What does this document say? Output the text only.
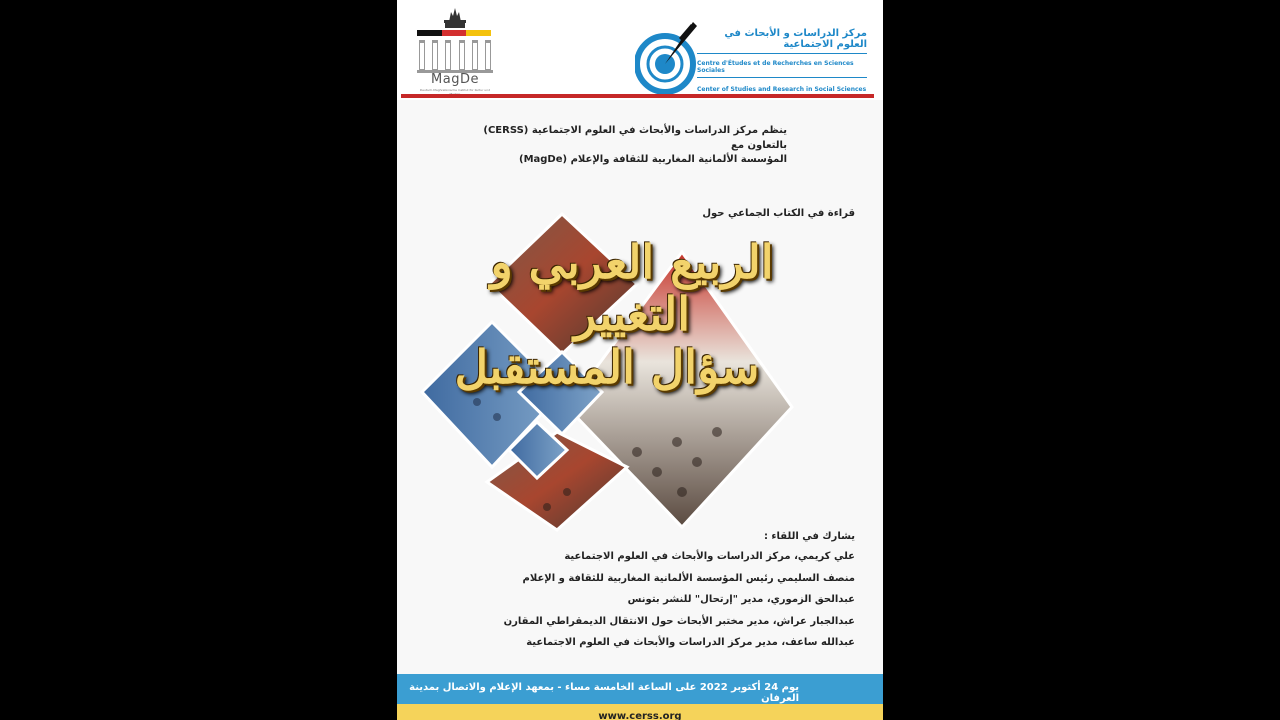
MagDe
Deutsch-Maghrebinische Institut für Kultur und
مركز الدراسات و الأبحاث في العلوم الاجتماعية
Centre d'Études et de Recherches en Sciences Sociales
Center of Studies and Research in Social Sciences
ينظم مركز الدراسات والأبحاث في العلوم الاجتماعية (CERSS)
بالتعاون مع
المؤسسة الألمانية المغاربية للثقافة والإعلام (MagDe)
قراءة في الكتاب الجماعي حول
الربيع العربي و التغيير
سؤال المستقبل
يشارك في اللقاء :
علي كريمي، مركز الدراسات والأبحاث في العلوم الاجتماعية
منصف السليمي رئيس المؤسسة الألمانية المغاربية للثقافة و الإعلام
عبدالحق الزموري، مدير "إرتحال" للنشر بتونس
عبدالجبار عراش، مدير مختبر الأبحاث حول الانتقال الديمقراطي المقارن
عبدالله ساعف، مدير مركز الدراسات والأبحاث في العلوم الاجتماعية
يوم 24 أكتوبر 2022 على الساعة الخامسة مساء - بمعهد الإعلام والاتصال بمدينة العرفان
www.cerss.org
